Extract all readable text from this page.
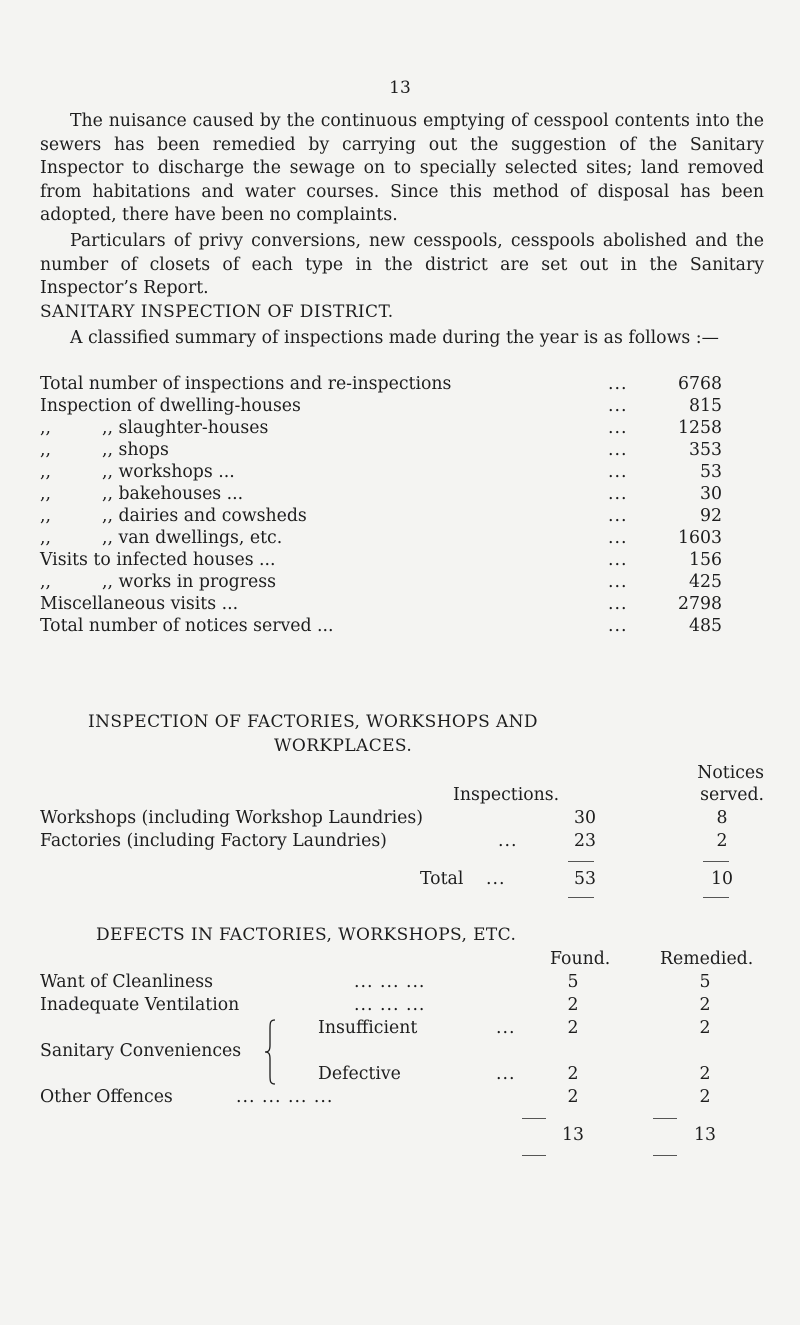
13

The nuisance caused by the continuous emptying of cesspool contents into the sewers has been remedied by carrying out the suggestion of the Sanitary Inspector to discharge the sewage on to specially selected sites; land removed from habitations and water courses. Since this method of disposal has been adopted, there have been no complaints.

Particulars of privy conversions, new cesspools, cesspools abolished and the number of closets of each type in the district are set out in the Sanitary Inspector’s Report.

SANITARY INSPECTION OF DISTRICT.

A classified summary of inspections made during the year is as follows :—

Total number of inspections and re-inspections	...	6768
Inspection of dwelling-houses	...	815
,,	,, slaughter-houses	...	1258
,,	,, shops	...	353
,,	,, workshops ...	...	53
,,	,, bakehouses ...	...	30
,,	,, dairies and cowsheds	...	92
,,	,, van dwellings, etc.	...	1603
Visits to infected houses ...	...	156
,,	,, works in progress	...	425
Miscellaneous visits ...	...	2798
Total number of notices served ...	...	485
INSPECTION OF FACTORIES, WORKSHOPS AND
WORKPLACES.
Notices
Inspections.	served.
Workshops (including Workshop Laundries)	30	8
Factories (including Factory Laundries)	...	23	2
Total ...	53	10
DEFECTS IN FACTORIES, WORKSHOPS, ETC.
Found.	Remedied.
Want of Cleanliness	... ... ...	5	5
Inadequate Ventilation	... ... ...	2	2
Insufficient	...	2	2
Sanitary Conveniences
Defective	...	2	2
Other Offences	... ... ... ...	2	2
13	13
